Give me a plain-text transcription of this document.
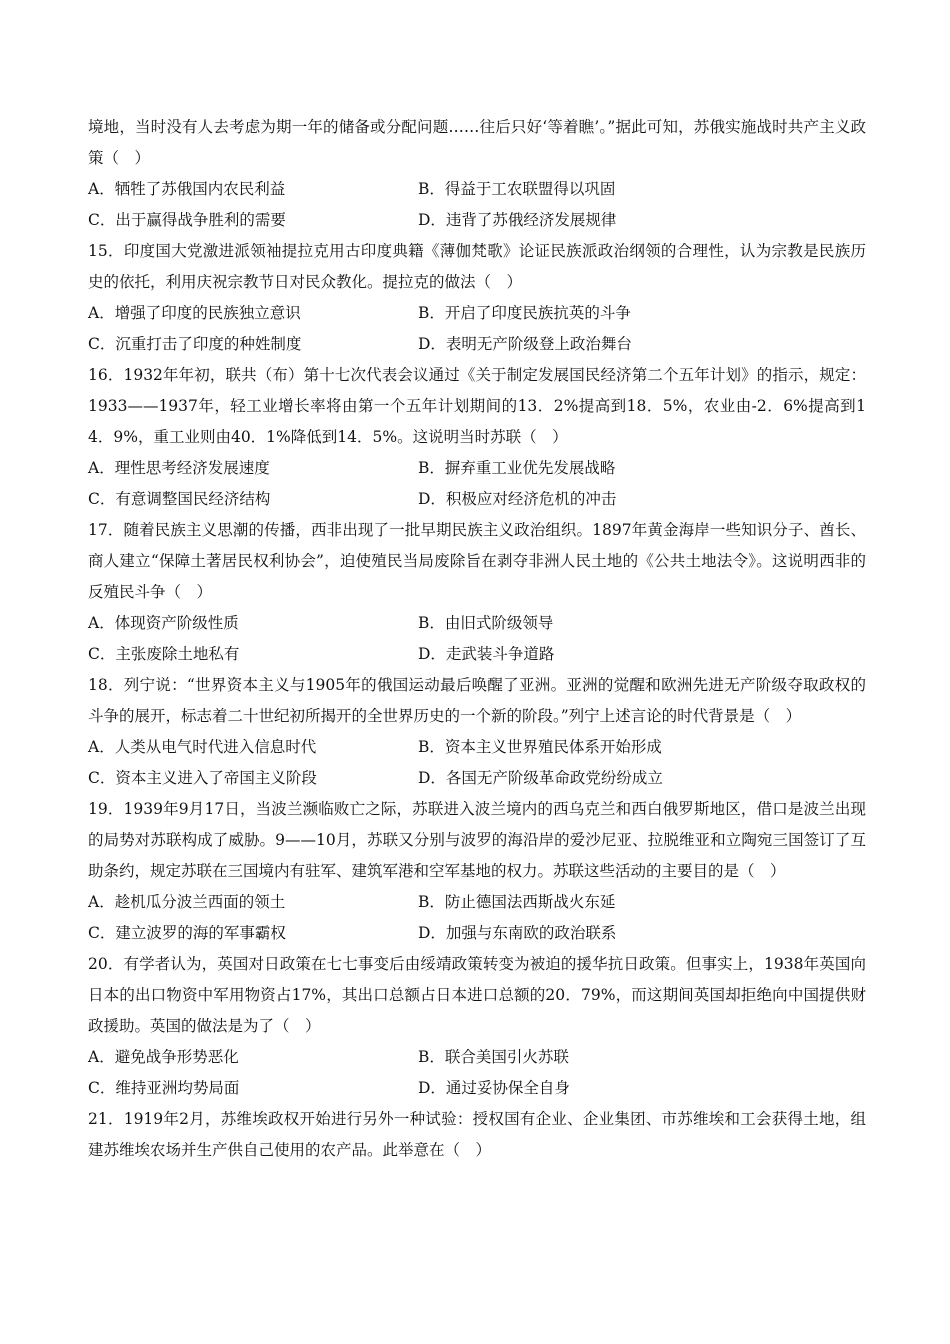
境地，当时没有人去考虑为期一年的储备或分配问题……往后只好‘等着瞧’。”据此可知，苏俄实施战时共产主义政策（　）

A．牺牲了苏俄国内农民利益	B．得益于工农联盟得以巩固
C．出于赢得战争胜利的需要	D．违背了苏俄经济发展规律

15．印度国大党激进派领袖提拉克用古印度典籍《薄伽梵歌》论证民族派政治纲领的合理性，认为宗教是民族历史的依托，利用庆祝宗教节日对民众教化。提拉克的做法（　）

A．增强了印度的民族独立意识	B．开启了印度民族抗英的斗争
C．沉重打击了印度的种姓制度	D．表明无产阶级登上政治舞台

16．1932年年初，联共（布）第十七次代表会议通过《关于制定发展国民经济第二个五年计划》的指示，规定：1933——1937年，轻工业增长率将由第一个五年计划期间的13．2%提高到18．5%，农业由-2．6%提高到14．9%，重工业则由40．1%降低到14．5%。这说明当时苏联（　）

A．理性思考经济发展速度	B．摒弃重工业优先发展战略
C．有意调整国民经济结构	D．积极应对经济危机的冲击

17．随着民族主义思潮的传播，西非出现了一批早期民族主义政治组织。1897年黄金海岸一些知识分子、酋长、商人建立“保障土著居民权利协会”，迫使殖民当局废除旨在剥夺非洲人民土地的《公共土地法令》。这说明西非的反殖民斗争（　）

A．体现资产阶级性质	B．由旧式阶级领导
C．主张废除土地私有	D．走武装斗争道路

18．列宁说：“世界资本主义与1905年的俄国运动最后唤醒了亚洲。亚洲的觉醒和欧洲先进无产阶级夺取政权的斗争的展开，标志着二十世纪初所揭开的全世界历史的一个新的阶段。”列宁上述言论的时代背景是（　）

A．人类从电气时代进入信息时代	B．资本主义世界殖民体系开始形成
C．资本主义进入了帝国主义阶段	D．各国无产阶级革命政党纷纷成立

19．1939年9月17日，当波兰濒临败亡之际，苏联进入波兰境内的西乌克兰和西白俄罗斯地区，借口是波兰出现的局势对苏联构成了威胁。9——10月，苏联又分别与波罗的海沿岸的爱沙尼亚、拉脱维亚和立陶宛三国签订了互助条约，规定苏联在三国境内有驻军、建筑军港和空军基地的权力。苏联这些活动的主要目的是（　）

A．趁机瓜分波兰西面的领土	B．防止德国法西斯战火东延
C．建立波罗的海的军事霸权	D．加强与东南欧的政治联系

20．有学者认为，英国对日政策在七七事变后由绥靖政策转变为被迫的援华抗日政策。但事实上，1938年英国向日本的出口物资中军用物资占17%，其出口总额占日本进口总额的20．79%，而这期间英国却拒绝向中国提供财政援助。英国的做法是为了（　）

A．避免战争形势恶化	B．联合美国引火苏联
C．维持亚洲均势局面	D．通过妥协保全自身

21．1919年2月，苏维埃政权开始进行另外一种试验：授权国有企业、企业集团、市苏维埃和工会获得土地，组建苏维埃农场并生产供自己使用的农产品。此举意在（　）
